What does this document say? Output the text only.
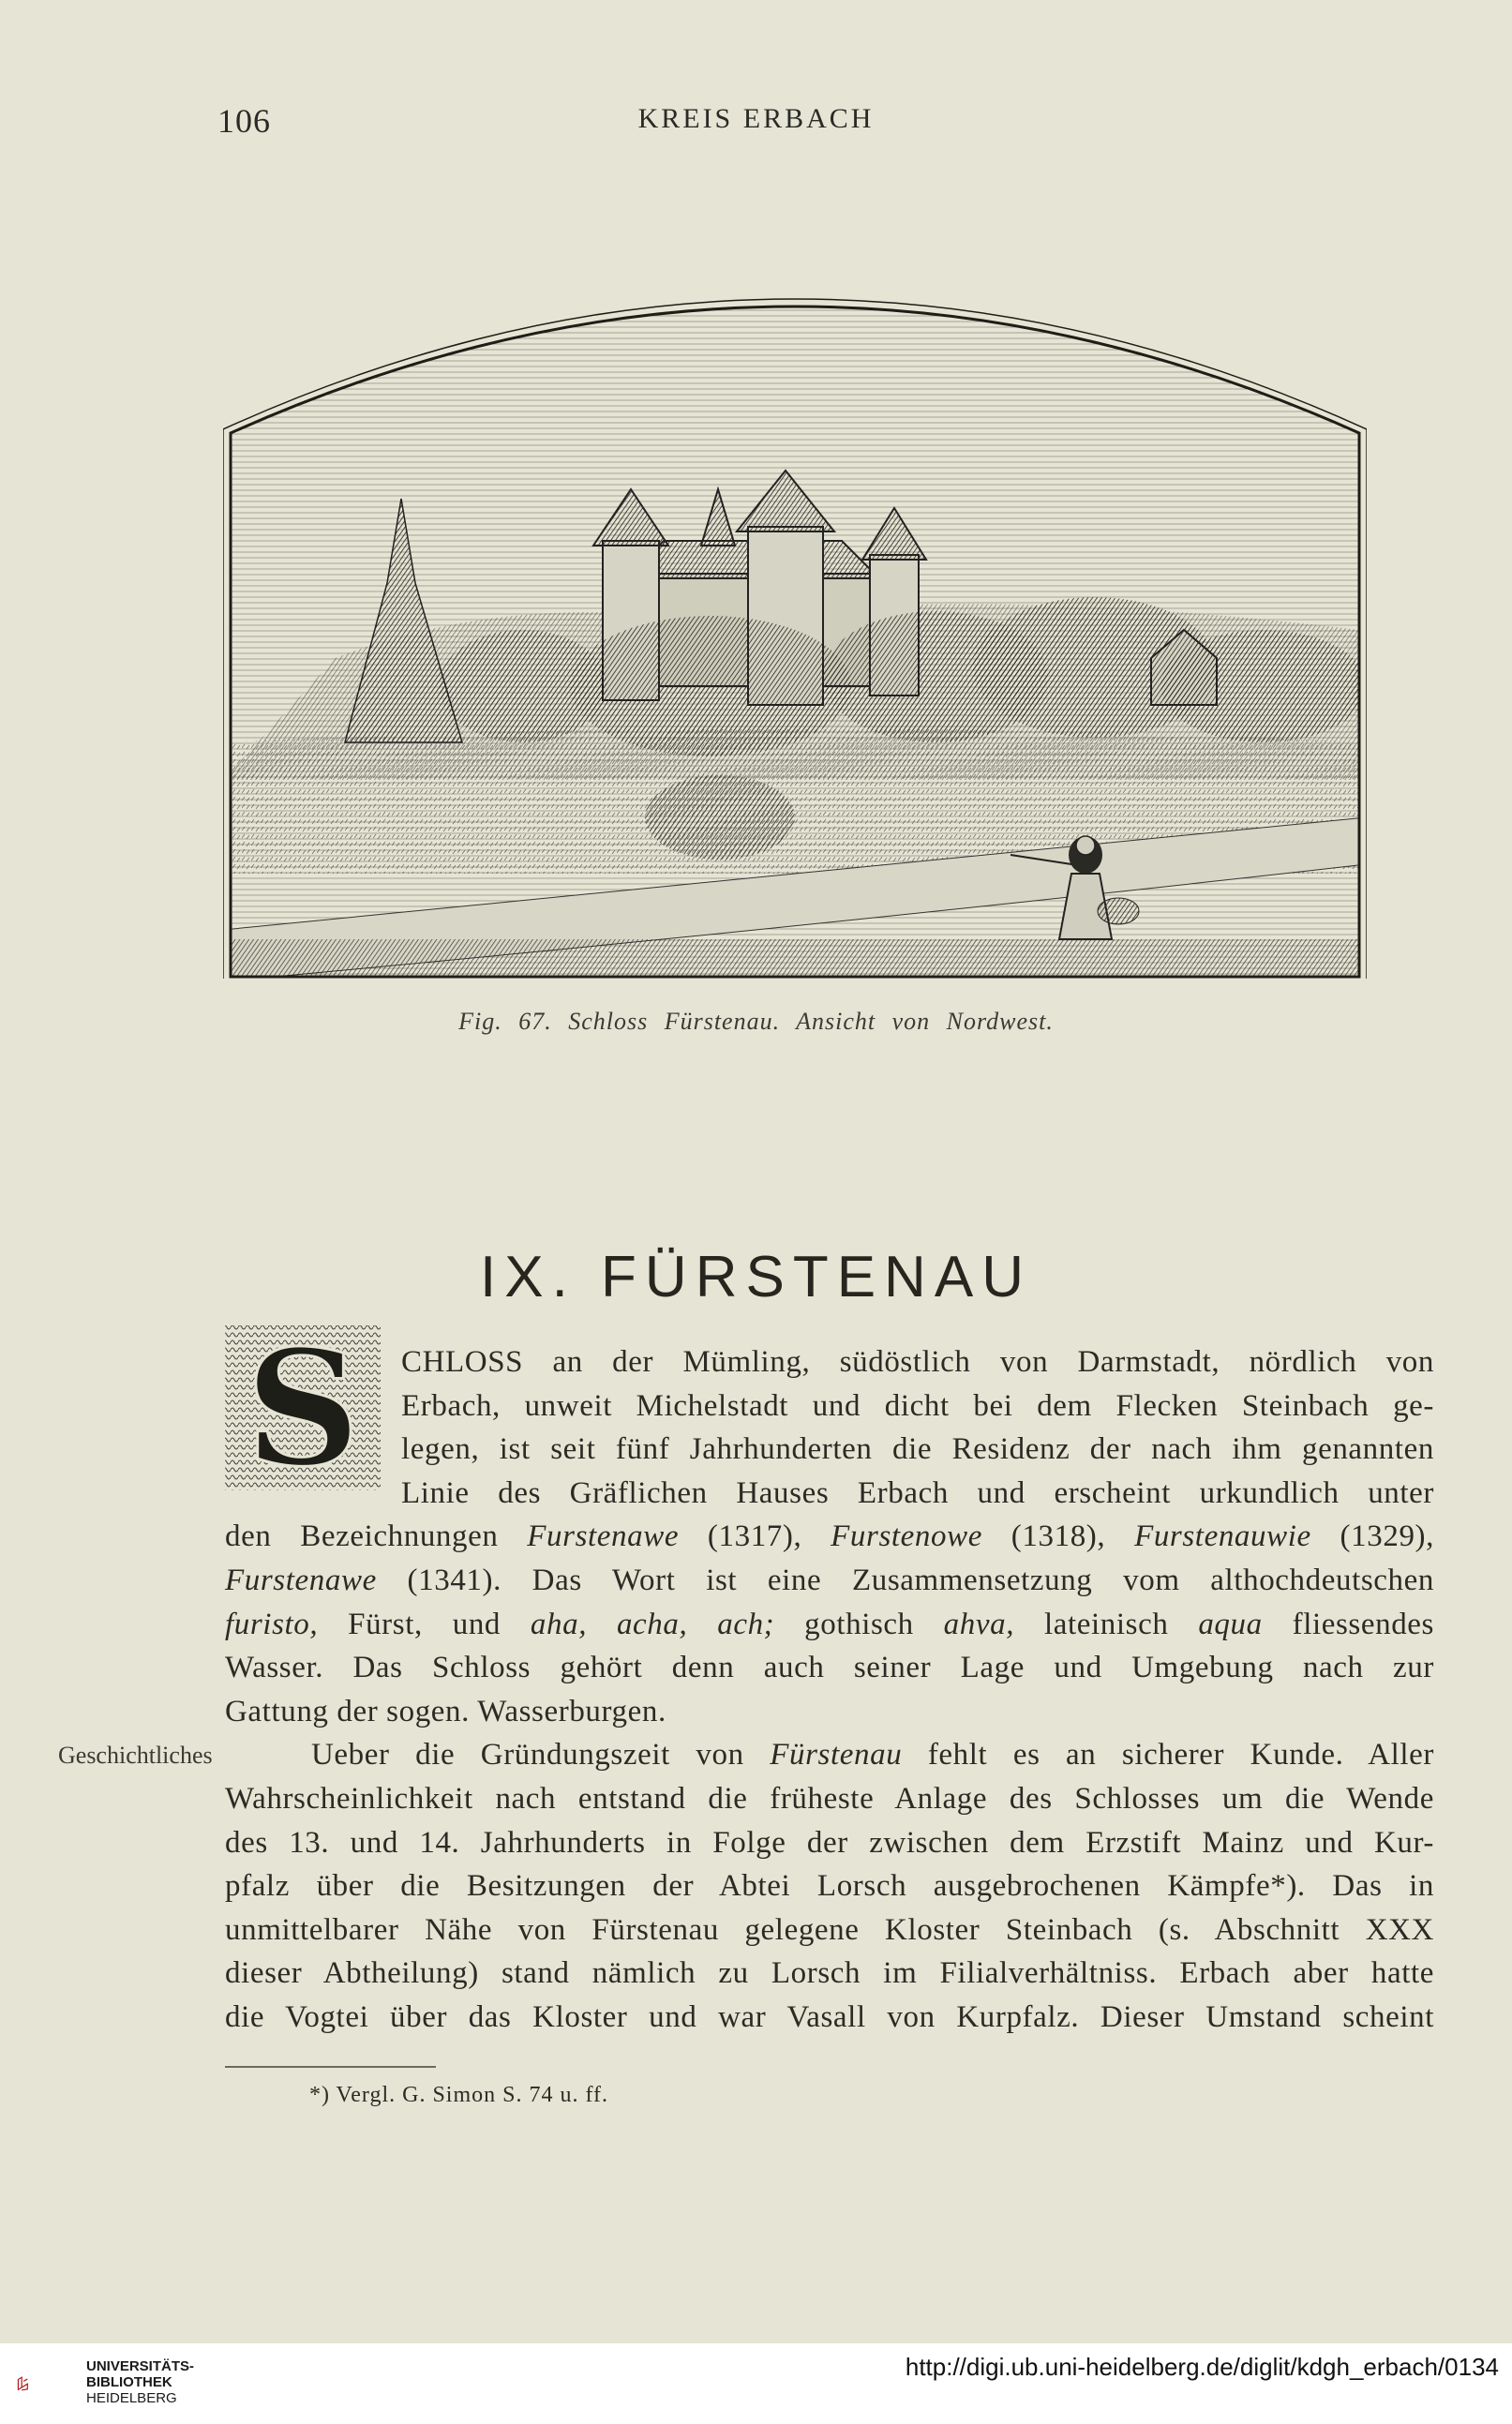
106	KREIS ERBACH
Fig. 67. Schloss Fürstenau. Ansicht von Nordwest.
IX. FÜRSTENAU
S	CHLOSS an der Mümling, südöstlich von Darmstadt, nördlich von
Erbach, unweit Michelstadt und dicht bei dem Flecken Steinbach ge-
legen, ist seit fünf Jahrhunderten die Residenz der nach ihm genannten
Linie des Gräflichen Hauses Erbach und erscheint urkundlich unter
den Bezeichnungen Furstenawe (1317), Furstenowe (1318), Furstenauwie (1329),
Furstenawe (1341). Das Wort ist eine Zusammensetzung vom althochdeutschen
furisto, Fürst, und aha, acha, ach; gothisch ahva, lateinisch aqua fliessendes
Wasser. Das Schloss gehört denn auch seiner Lage und Umgebung nach zur
Gattung der sogen. Wasserburgen.
Ueber die Gründungszeit von Fürstenau fehlt es an sicherer Kunde. Aller
Wahrscheinlichkeit nach entstand die früheste Anlage des Schlosses um die Wende
des 13. und 14. Jahrhunderts in Folge der zwischen dem Erzstift Mainz und Kur-
pfalz über die Besitzungen der Abtei Lorsch ausgebrochenen Kämpfe*). Das in
unmittelbarer Nähe von Fürstenau gelegene Kloster Steinbach (s. Abschnitt XXX
dieser Abtheilung) stand nämlich zu Lorsch im Filialverhältniss. Erbach aber hatte
die Vogtei über das Kloster und war Vasall von Kurpfalz. Dieser Umstand scheint
Geschichtliches
*) Vergl. G. Simon S. 74 u. ff.
UNIVERSITÄTS-
BIBLIOTHEK
HEIDELBERG
http://digi.ub.uni-heidelberg.de/diglit/kdgh_erbach/0134
